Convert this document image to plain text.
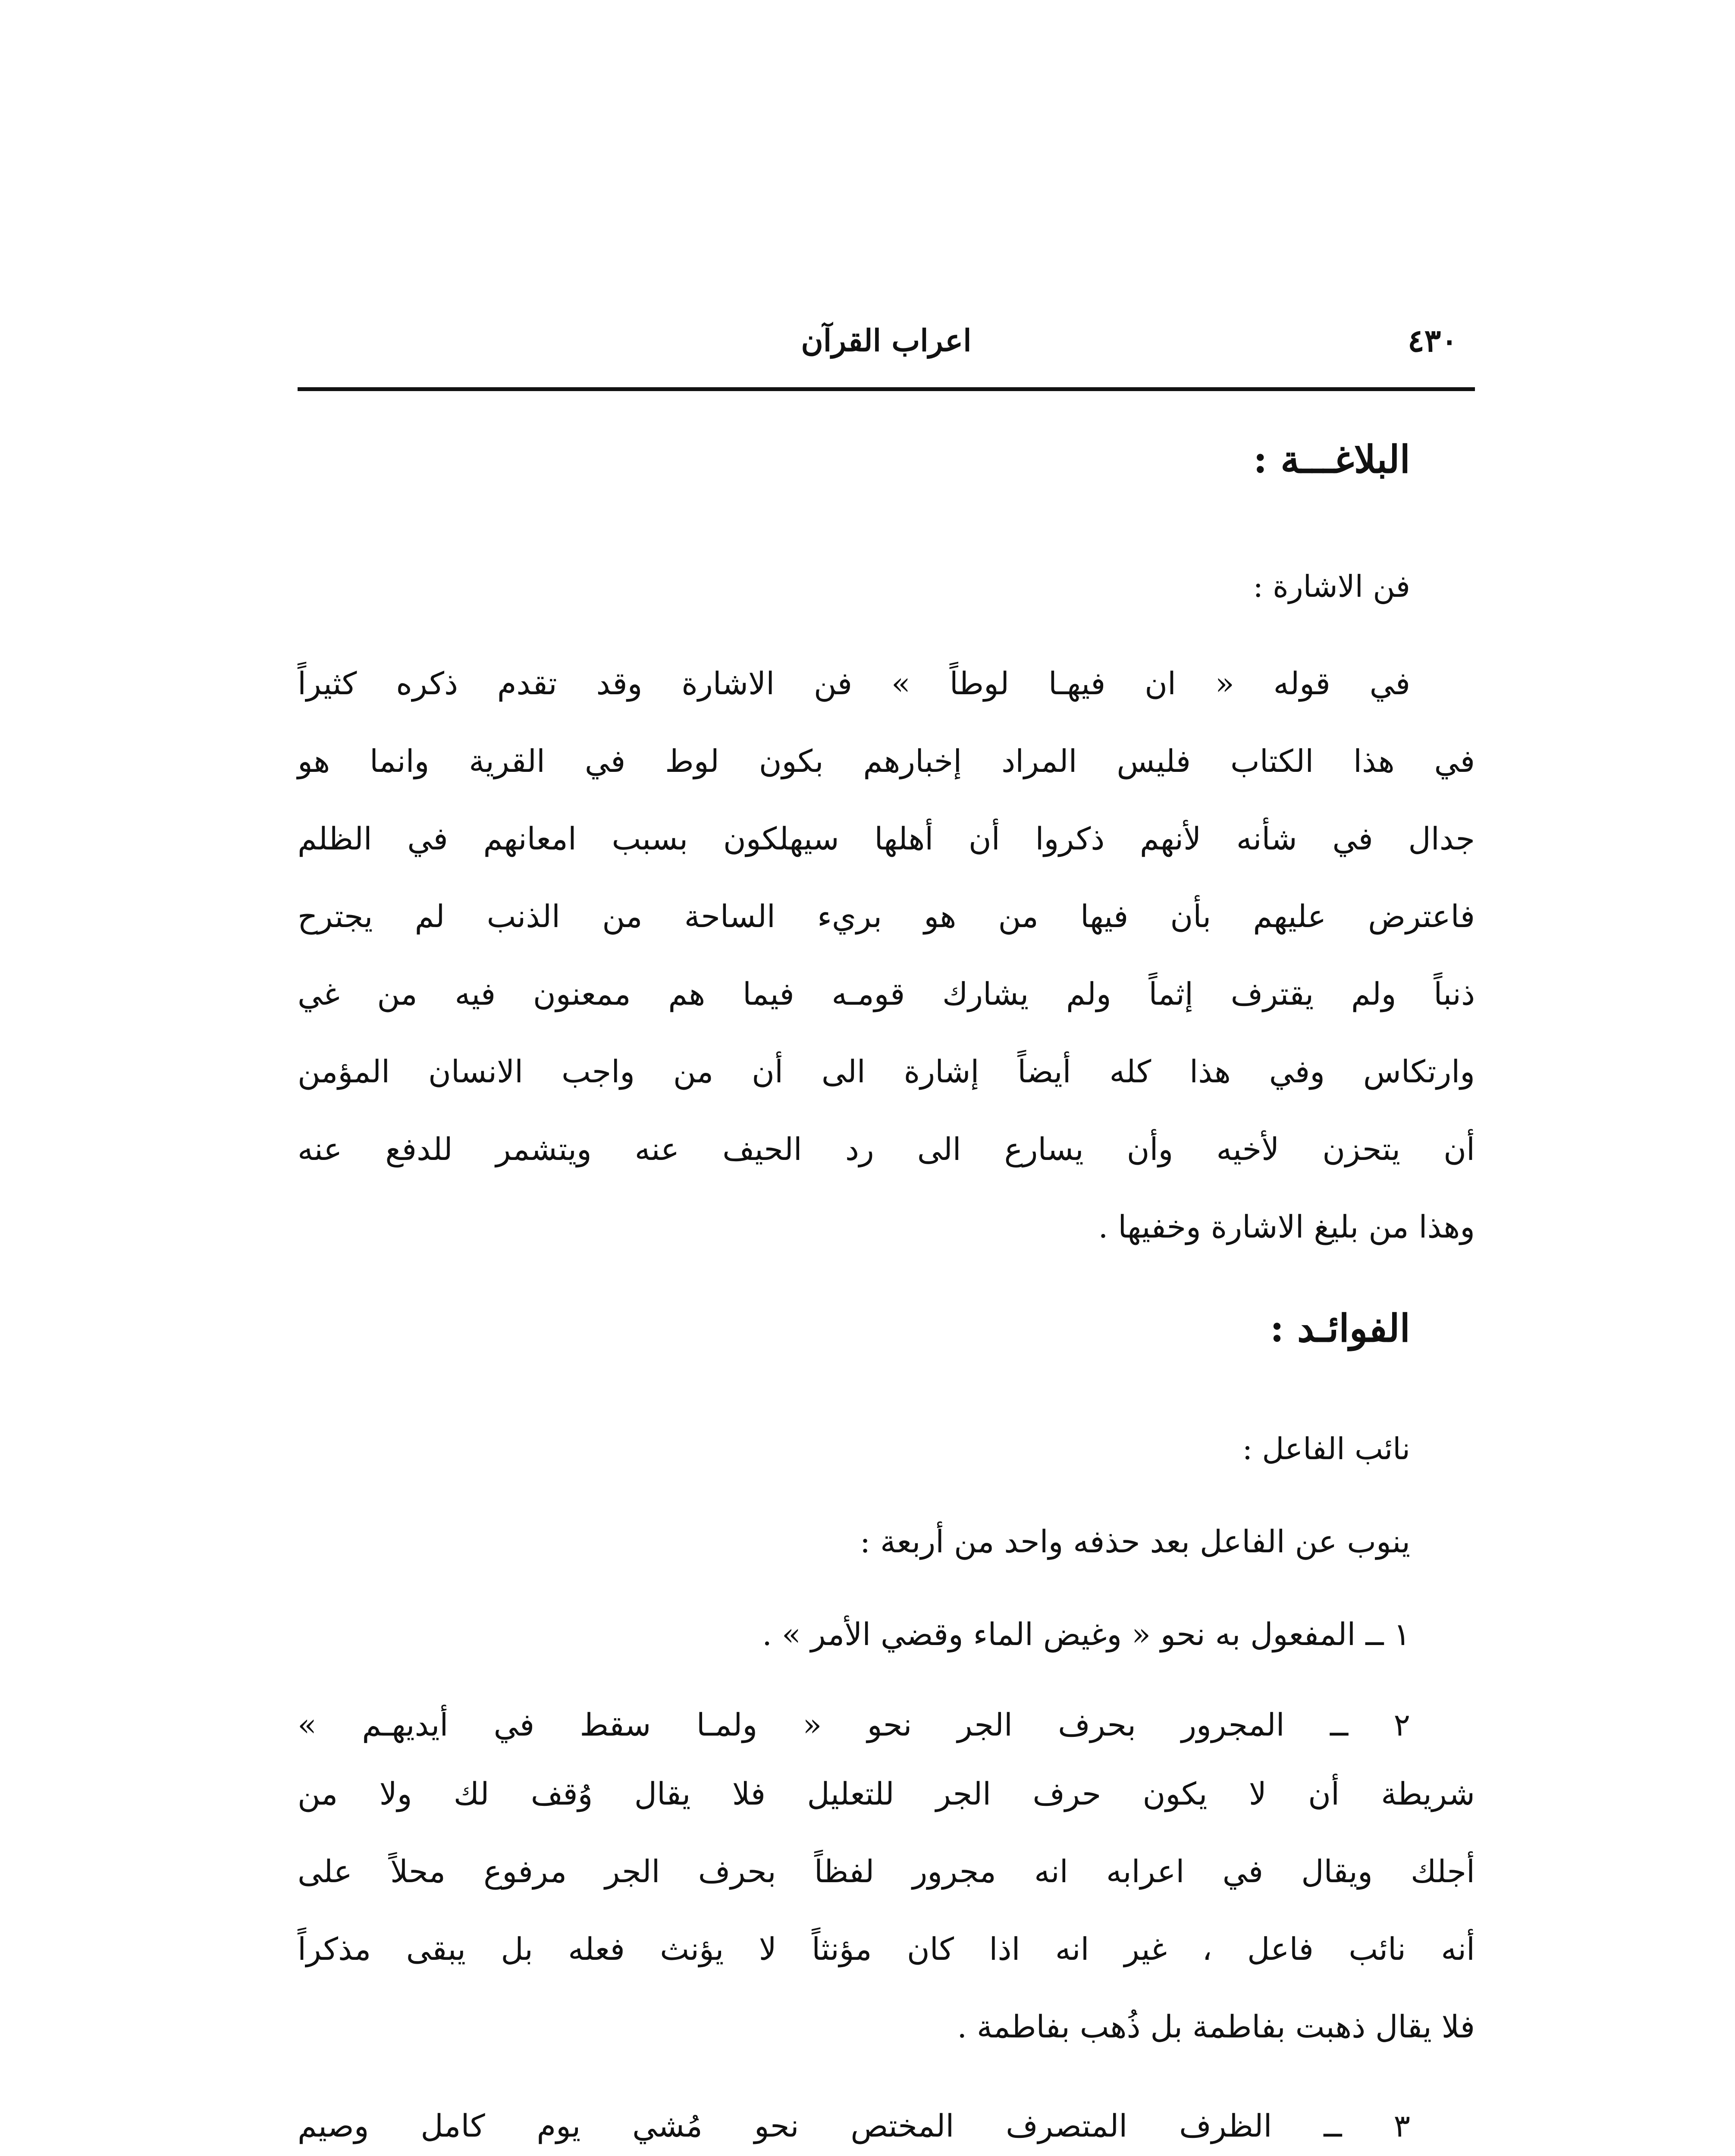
٤٣٠
اعراب القرآن
البلاغـــة :
فن الاشارة :
في قوله « ان فيهـا لوطاً » فن الاشارة وقد تقدم ذكره كثيراً
في هذا الكتاب فليس المراد إخبارهم بكون لوط في القرية وانما هو
جدال في شأنه لأنهم ذكروا أن أهلها سيهلكون بسبب امعانهم في الظلم
فاعترض عليهم بأن فيها من هو بريء الساحة من الذنب لم يجترح
ذنباً ولم يقترف إثماً ولم يشارك قومـه فيما هم ممعنون فيه من غي
وارتكاس وفي هذا كله أيضاً إشارة الى أن من واجب الانسان المؤمن
أن يتحزن لأخيه وأن يسارع الى رد الحيف عنه ويتشمر للدفع عنه
وهذا من بليغ الاشارة وخفيها .
الفوائـد :
نائب الفاعل :
ينوب عن الفاعل بعد حذفه واحد من أربعة :
١ ــ المفعول به نحو « وغيض الماء وقضي الأمر » .
٢ ــ المجرور بحرف الجر نحو « ولمـا سقط في أيديهـم »
شريطة أن لا يكون حرف الجر للتعليل فلا يقال وُقف لك ولا من
أجلك ويقال في اعرابه انه مجرور لفظاً بحرف الجر مرفوع محلاً على
أنه نائب فاعل ، غير انه اذا كان مؤنثاً لا يؤنث فعله بل يبقى مذكراً
فلا يقال ذهبت بفاطمة بل ذُهب بفاطمة .
٣ ــ الظرف المتصرف المختص نحو مُشي يوم كامل وصيم
